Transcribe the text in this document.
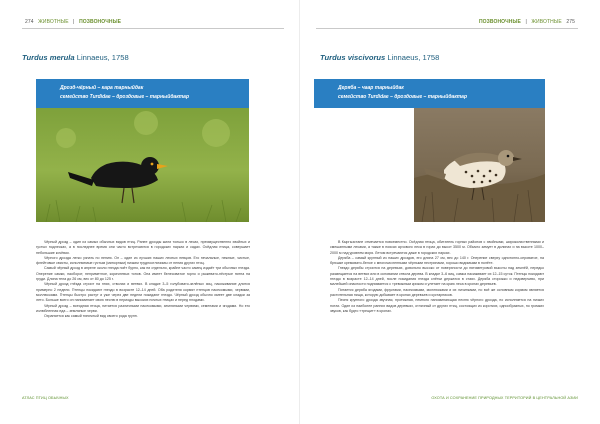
274 ЖИВОТНЫЕ | ПОЗВОНОЧНЫЕ
Turdus merula Linnaeus, 1758
Дрозд-чёрный – кара тарныйдак
семейство Turdidae – дроздовые – тарныйдактар

Чёрный дрозд – один из самых обычных видов птиц. Ранее дрозды жили только в лесах, преимущественно хвойных и густых подлесках, а в последнее время они часто встречаются в городских парках и садах. Осёдлая птица, совершает небольшие кочёвки.

Чёрного дрозда легко узнать по пению. Он – один из лучших наших лесных певцов. Его печальные, нежные, чистые, флейтовые свисты, исполняемые густым (минорным) низким трудноотличимы от пения других птиц.

Самый чёрный дрозд в апреле около гнезда поёт бурно, как ни отдельно, крайне часто самец издаёт три обычных гнезда. Оперение самки, наоборот, неприметное, коричневых тонов. Она имеет белесоватое горло и рыжевато-пёстрые пятна на груди. Длина тела до 26 см, вес от 80 до 125 г.

Чёрный дрозд гнёзда строит на пнях, стволах и ветвях. В кладке 3–5 голубовато-зелёных яиц, насиживание длится примерно 2 недели. Птенцы покидают гнездо в возрасте 12–14 дней. Оба родителя кормят птенцов насекомыми, червями, моллюсками. Птенцы быстро растут и уже через две недели покидают гнездо. Чёрный дрозд обычно имеет две кладки за лето. Больше всего он напоминает свою песню в периоды высоких ночных птицах и перед плодами.

Чёрный дрозд – всеядная птица, питается различными насекомыми, земляными червями, семенами и ягодами. Но его излюбленная еда – земляные черви.

Охраняется как самый типичный вид своего рода групп.

АТЛАС ПТИЦ ОБЫЧНЫХ
ПОЗВОНОЧНЫЕ | ЖИВОТНЫЕ 275
Turdus viscivorus Linnaeus, 1758
Деряба – чаар тарныйдак
семейство Turdidae – дроздовые – тарныйдактар

В Кыргызстане отмечается повсеместно. Осёдлая птица, обитатель горных районов с хвойными, широколиственными и смешанными лесами, а также в поясах арчового леса в горах до высот 3500 м. Обычно зимует в долинах и на высоте 1000–2000 м над уровнем моря. Летом встречаются даже в городских парках.

Деряба – самый крупный из наших дроздов, его длина 27 см, вес до 140 г. Оперение сверху однотонно-сероватое, на брюшке кремовато-белое с многочисленными чёрными пестринами, хорошо видимыми в полёте.

Гнездо дерябы строится на деревьях, довольно высоко от поверхности до пятиметровой высоты над землёй, нередко размещается на ветвях или в основании ствола дерева. В кладке 3–6 яиц, самка насиживает их 12–15 суток. Птенцы покидают гнездо в возрасте 12–14 дней, после покидания гнезда слётки держатся в стаях. Деряба сторожко и недоверчиво, при малейшей опасности поднимается с тревожным криком и улетает на краю леса в кронах деревьев.

Питается деряба ягодами, фруктами, насекомыми, моллюсками и их личинками, но всё же основным кормом является растительная пища, которую добывает в кронах деревьев и кустарников.

Песня крупного дрозда звучная, протяжная, немного напоминающая песню чёрного дрозда, но исполняется на низких нотах. Один из наиболее ранних видов деревьях, отличный от других птиц, состоящих из коротких, однообразных, но громких звуков, как будто «трещит» в кронах.

ОХОТА И СОХРАНЕНИЕ ПРИРОДНЫХ ТЕРРИТОРИЙ В ЦЕНТРАЛЬНОЙ АЗИИ
